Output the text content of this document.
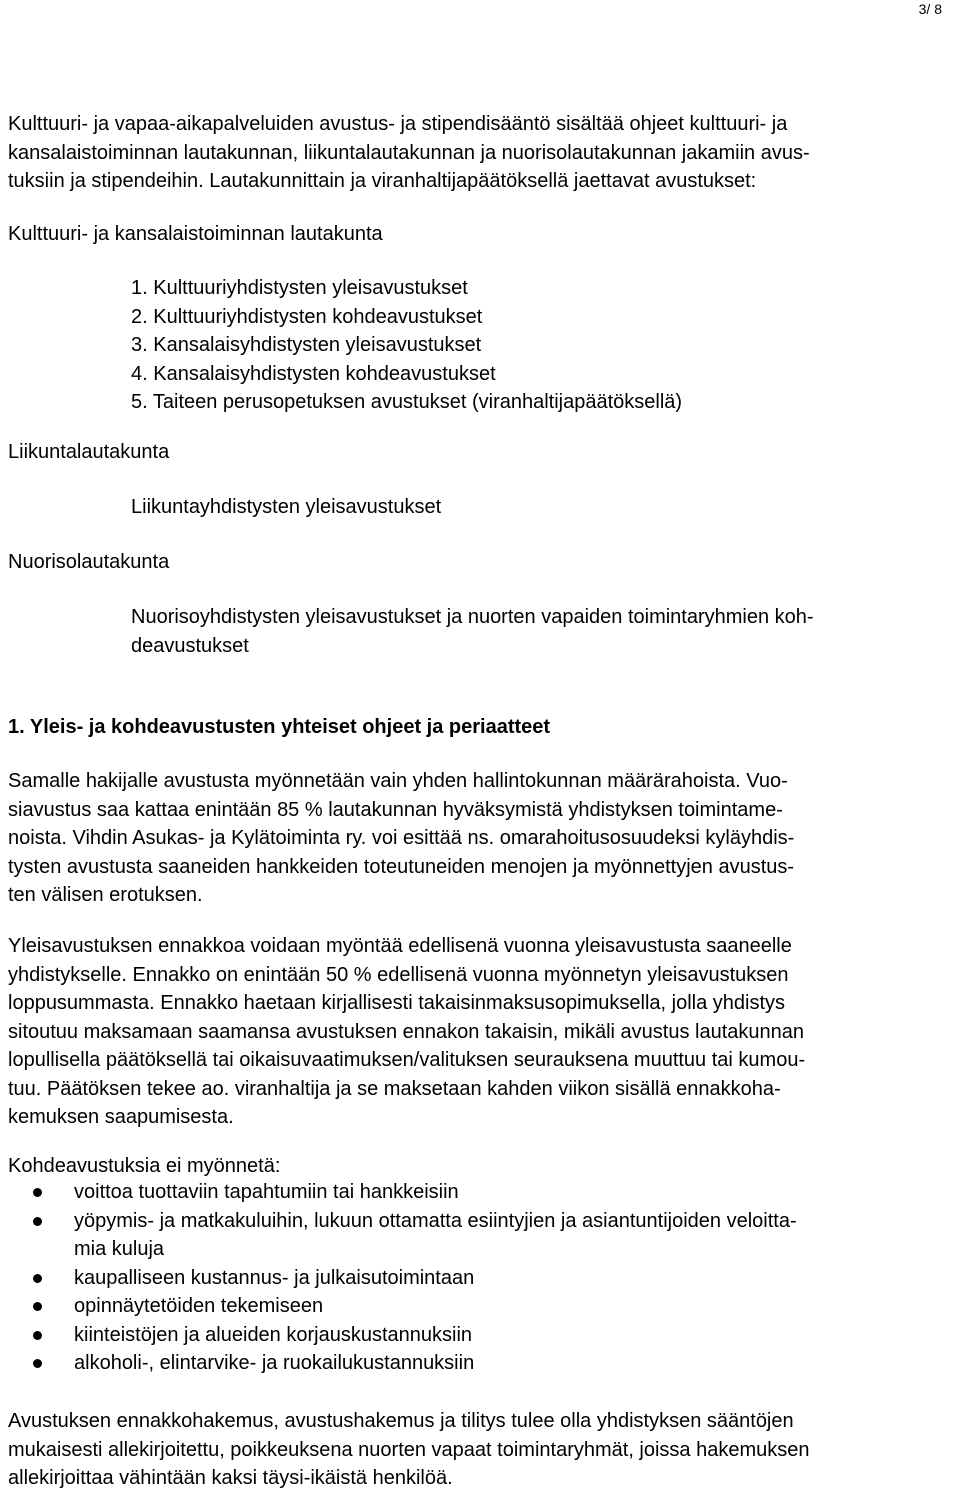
3/ 8
Kulttuuri- ja vapaa-aikapalveluiden avustus- ja stipendisääntö sisältää ohjeet kulttuuri- ja
kansalaistoiminnan lautakunnan, liikuntalautakunnan ja nuorisolautakunnan jakamiin avus-
tuksiin ja stipendeihin. Lautakunnittain ja viranhaltijapäätöksellä jaettavat avustukset:
Kulttuuri- ja kansalaistoiminnan lautakunta
1. Kulttuuriyhdistysten yleisavustukset
2. Kulttuuriyhdistysten kohdeavustukset
3. Kansalaisyhdistysten yleisavustukset
4. Kansalaisyhdistysten kohdeavustukset
5. Taiteen perusopetuksen avustukset (viranhaltijapäätöksellä)
Liikuntalautakunta
Liikuntayhdistysten yleisavustukset
Nuorisolautakunta
Nuorisoyhdistysten yleisavustukset ja nuorten vapaiden toimintaryhmien koh-
deavustukset
1. Yleis- ja kohdeavustusten yhteiset ohjeet ja periaatteet
Samalle hakijalle avustusta myönnetään vain yhden hallintokunnan määrärahoista. Vuo-
siavustus saa kattaa enintään 85 % lautakunnan hyväksymistä yhdistyksen toimintame-
noista. Vihdin Asukas- ja Kylätoiminta ry. voi esittää ns. omarahoitusosuudeksi kyläyhdis-
tysten avustusta saaneiden hankkeiden toteutuneiden menojen ja myönnettyjen avustus-
ten välisen erotuksen.
Yleisavustuksen ennakkoa voidaan myöntää edellisenä vuonna yleisavustusta saaneelle
yhdistykselle. Ennakko on enintään 50 % edellisenä vuonna myönnetyn yleisavustuksen
loppusummasta. Ennakko haetaan kirjallisesti takaisinmaksusopimuksella, jolla yhdistys
sitoutuu maksamaan saamansa avustuksen ennakon takaisin, mikäli avustus lautakunnan
lopullisella päätöksellä tai oikaisuvaatimuksen/valituksen seurauksena muuttuu tai kumou-
tuu. Päätöksen tekee ao. viranhaltija ja se maksetaan kahden viikon sisällä ennakkoha-
kemuksen saapumisesta.
Kohdeavustuksia ei myönnetä:
voittoa tuottaviin tapahtumiin tai hankkeisiin
yöpymis- ja matkakuluihin, lukuun ottamatta esiintyjien ja asiantuntijoiden veloitta-
mia kuluja
kaupalliseen kustannus- ja julkaisutoimintaan
opinnäytetöiden tekemiseen
kiinteistöjen ja alueiden korjauskustannuksiin
alkoholi-, elintarvike- ja ruokailukustannuksiin
Avustuksen ennakkohakemus, avustushakemus ja tilitys tulee olla yhdistyksen sääntöjen
mukaisesti allekirjoitettu, poikkeuksena nuorten vapaat toimintaryhmät, joissa hakemuksen
allekirjoittaa vähintään kaksi täysi-ikäistä henkilöä.
